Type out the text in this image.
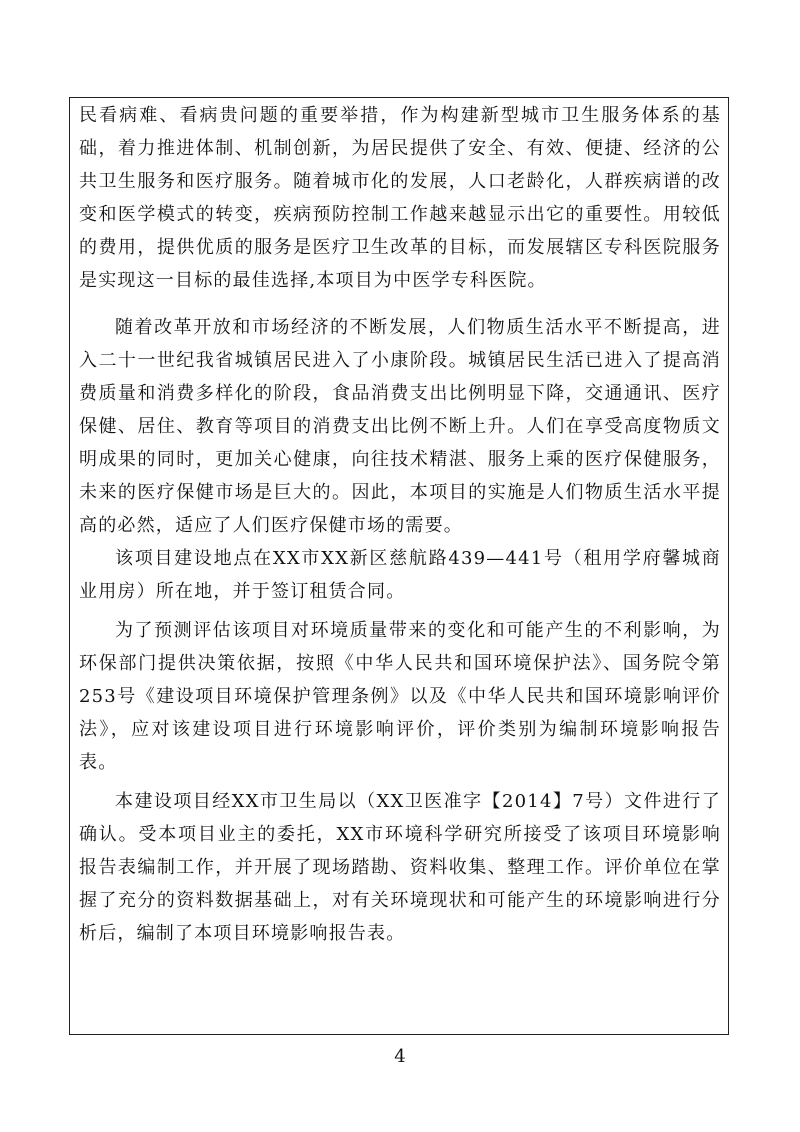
民看病难、看病贵问题的重要举措，作为构建新型城市卫生服务体系的基础，着力推进体制、机制创新，为居民提供了安全、有效、便捷、经济的公共卫生服务和医疗服务。随着城市化的发展，人口老龄化，人群疾病谱的改变和医学模式的转变，疾病预防控制工作越来越显示出它的重要性。用较低的费用，提供优质的服务是医疗卫生改革的目标，而发展辖区专科医院服务是实现这一目标的最佳选择,本项目为中医学专科医院。

随着改革开放和市场经济的不断发展，人们物质生活水平不断提高，进入二十一世纪我省城镇居民进入了小康阶段。城镇居民生活已进入了提高消费质量和消费多样化的阶段，食品消费支出比例明显下降，交通通讯、医疗保健、居住、教育等项目的消费支出比例不断上升。人们在享受高度物质文明成果的同时，更加关心健康，向往技术精湛、服务上乘的医疗保健服务，未来的医疗保健市场是巨大的。因此，本项目的实施是人们物质生活水平提高的必然，适应了人们医疗保健市场的需要。

该项目建设地点在XX市XX新区慈航路439—441号（租用学府馨城商业用房）所在地，并于签订租赁合同。

为了预测评估该项目对环境质量带来的变化和可能产生的不利影响，为环保部门提供决策依据，按照《中华人民共和国环境保护法》、国务院令第253号《建设项目环境保护管理条例》以及《中华人民共和国环境影响评价法》，应对该建设项目进行环境影响评价，评价类别为编制环境影响报告表。

本建设项目经XX市卫生局以（XX卫医准字【2014】7号）文件进行了确认。受本项目业主的委托，XX市环境科学研究所接受了该项目环境影响报告表编制工作，并开展了现场踏勘、资料收集、整理工作。评价单位在掌握了充分的资料数据基础上，对有关环境现状和可能产生的环境影响进行分析后，编制了本项目环境影响报告表。

4
